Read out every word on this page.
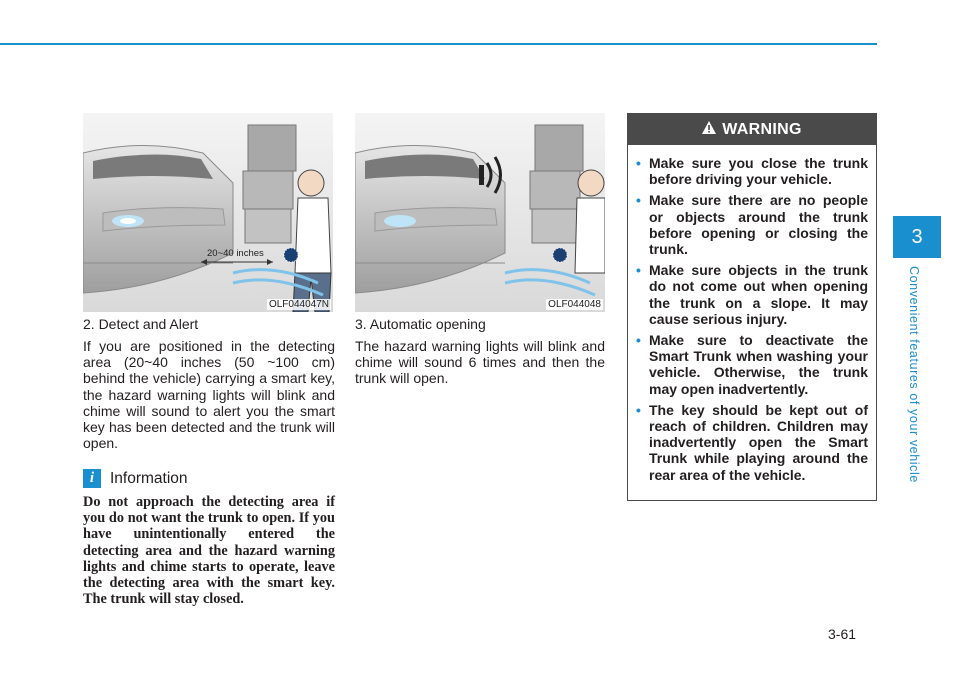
3
Convenient features of your vehicle
20~40 inches
OLF044047N	OLF044048

2. Detect and Alert

If you are positioned in the detecting area (20~40 inches (50 ~100 cm) behind the vehicle) carrying a smart key, the hazard warning lights will blink and chime will sound to alert you the smart key has been detected and the trunk will open.

i	Information

Do not approach the detecting area if you do not want the trunk to open. If you have unintentionally entered the detecting area and the hazard warning lights and chime starts to operate, leave the detecting area with the smart key. The trunk will stay closed.

3. Automatic opening

The hazard warning lights will blink and chime will sound 6 times and then the trunk will open.

WARNING
• Make sure you close the trunk before driving your vehicle.
• Make sure there are no people or objects around the trunk before opening or closing the trunk.
• Make sure objects in the trunk do not come out when opening the trunk on a slope. It may cause serious injury.
• Make sure to deactivate the Smart Trunk when washing your vehicle. Otherwise, the trunk may open inadvertently.
• The key should be kept out of reach of children. Children may inadvertently open the Smart Trunk while playing around the rear area of the vehicle.
3-61
